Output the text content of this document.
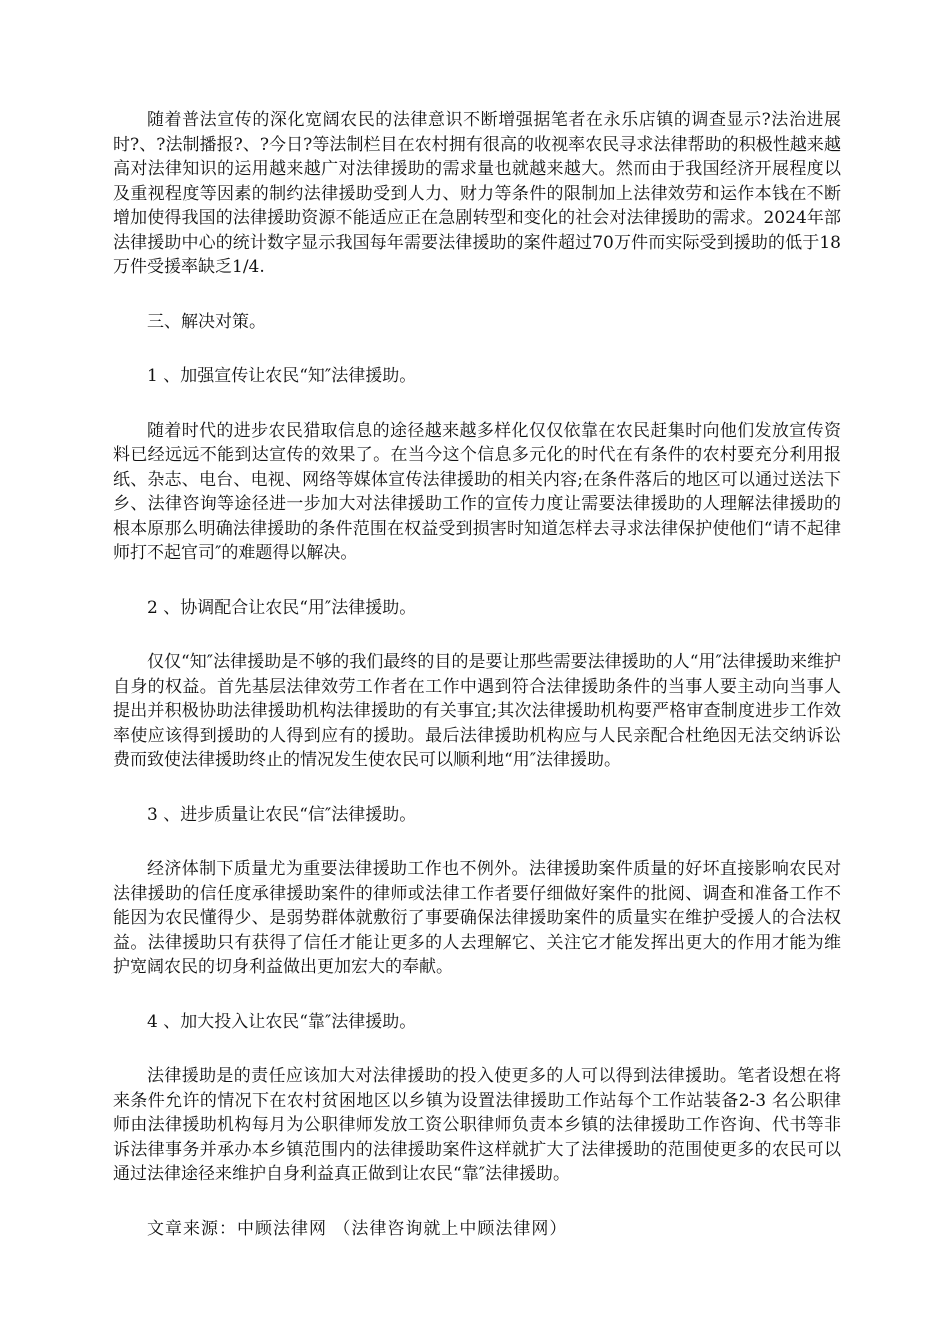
随着普法宣传的深化宽阔农民的法律意识不断增强据笔者在永乐店镇的调查显示?法治进展时?、?法制播报?、?今日?等法制栏目在农村拥有很高的收视率农民寻求法律帮助的积极性越来越高对法律知识的运用越来越广对法律援助的需求量也就越来越大。然而由于我国经济开展程度以及重视程度等因素的制约法律援助受到人力、财力等条件的限制加上法律效劳和运作本钱在不断增加使得我国的法律援助资源不能适应正在急剧转型和变化的社会对法律援助的需求。2024年部法律援助中心的统计数字显示我国每年需要法律援助的案件超过70万件而实际受到援助的低于18万件受援率缺乏1/4.

三、解决对策。

1 、加强宣传让农民“知″法律援助。

随着时代的进步农民猎取信息的途径越来越多样化仅仅依靠在农民赶集时向他们发放宣传资料已经远远不能到达宣传的效果了。在当今这个信息多元化的时代在有条件的农村要充分利用报纸、杂志、电台、电视、网络等媒体宣传法律援助的相关内容;在条件落后的地区可以通过送法下乡、法律咨询等途径进一步加大对法律援助工作的宣传力度让需要法律援助的人理解法律援助的根本原那么明确法律援助的条件范围在权益受到损害时知道怎样去寻求法律保护使他们“请不起律师打不起官司″的难题得以解决。

2 、协调配合让农民“用″法律援助。

仅仅“知″法律援助是不够的我们最终的目的是要让那些需要法律援助的人“用″法律援助来维护自身的权益。首先基层法律效劳工作者在工作中遇到符合法律援助条件的当事人要主动向当事人提出并积极协助法律援助机构法律援助的有关事宜;其次法律援助机构要严格审查制度进步工作效率使应该得到援助的人得到应有的援助。最后法律援助机构应与人民亲配合杜绝因无法交纳诉讼费而致使法律援助终止的情况发生使农民可以顺利地“用″法律援助。

3 、进步质量让农民“信″法律援助。

经济体制下质量尤为重要法律援助工作也不例外。法律援助案件质量的好坏直接影响农民对法律援助的信任度承律援助案件的律师或法律工作者要仔细做好案件的批阅、调查和准备工作不能因为农民懂得少、是弱势群体就敷衍了事要确保法律援助案件的质量实在维护受援人的合法权益。法律援助只有获得了信任才能让更多的人去理解它、关注它才能发挥出更大的作用才能为维护宽阔农民的切身利益做出更加宏大的奉献。

4 、加大投入让农民“靠″法律援助。

法律援助是的责任应该加大对法律援助的投入使更多的人可以得到法律援助。笔者设想在将来条件允许的情况下在农村贫困地区以乡镇为设置法律援助工作站每个工作站装备2-3 名公职律师由法律援助机构每月为公职律师发放工资公职律师负责本乡镇的法律援助工作咨询、代书等非诉法律事务并承办本乡镇范围内的法律援助案件这样就扩大了法律援助的范围使更多的农民可以通过法律途径来维护自身利益真正做到让农民“靠″法律援助。

文章来源：中顾法律网 （法律咨询就上中顾法律网）
